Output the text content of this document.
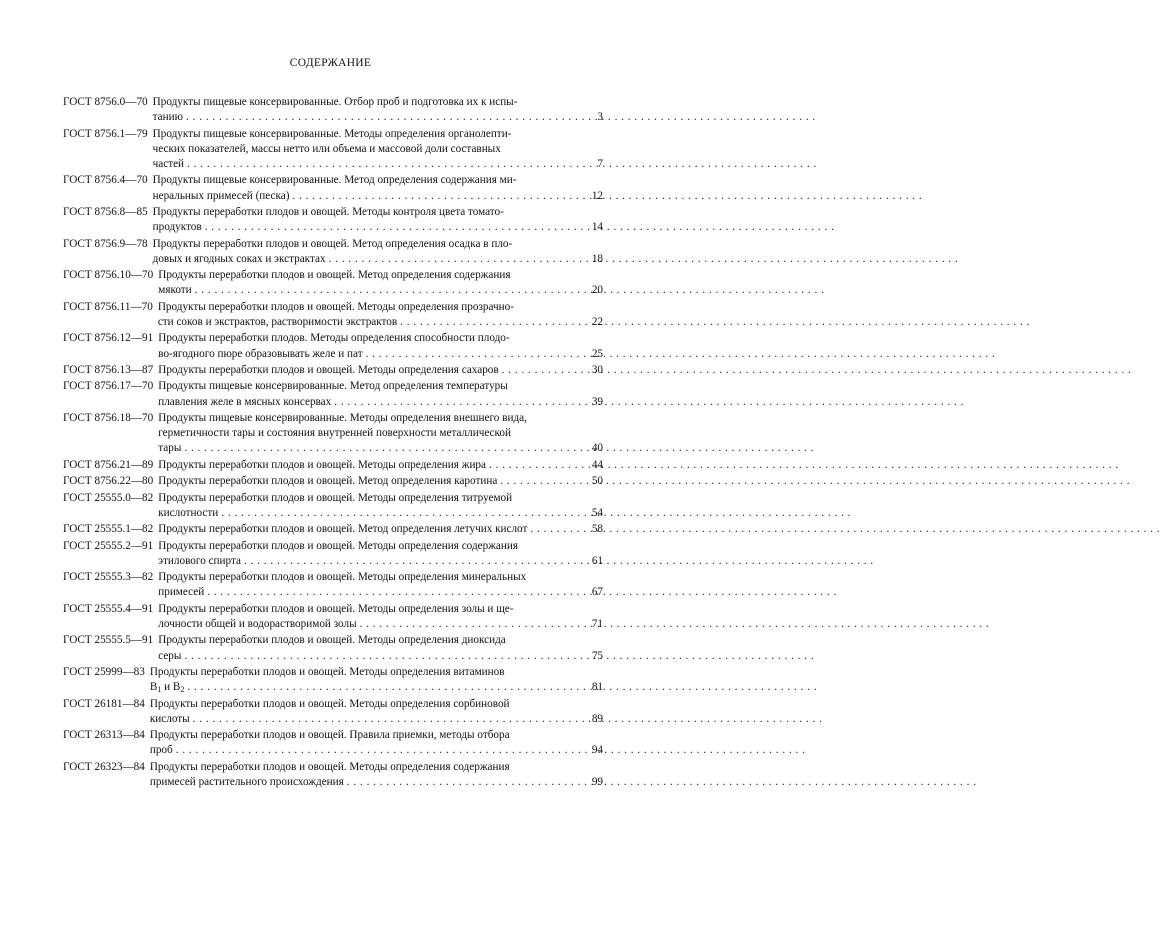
СОДЕРЖАНИЕ
ГОСТ 8756.0—70 Продукты пищевые консервированные. Отбор проб и подготовка их к испы-
танию . . .	3
ГОСТ 8756.1—79 Продукты пищевые консервированные. Методы определения органолепти-
ческих показателей, массы нетто или объема и массовой доли составных
частей . . .	7
ГОСТ 8756.4—70 Продукты пищевые консервированные. Метод определения содержания ми-
неральных примесей (песка) . . .	12
ГОСТ 8756.8—85 Продукты переработки плодов и овощей. Методы контроля цвета томато-
продуктов . . .	14
ГОСТ 8756.9—78 Продукты переработки плодов и овощей. Метод определения осадка в пло-
довых и ягодных соках и экстрактах . . .	18
ГОСТ 8756.10—70 Продукты переработки плодов и овощей. Метод определения содержания
мякоти . . .	20
ГОСТ 8756.11—70 Продукты переработки плодов и овощей. Методы определения прозрачно-
сти соков и экстрактов, растворимости экстрактов . . .	22
ГОСТ 8756.12—91 Продукты переработки плодов. Методы определения способности плодо-
во-ягодного пюре образовывать желе и пат . . .	25
ГОСТ 8756.13—87 Продукты переработки плодов и овощей. Методы определения сахаров . . .	30
ГОСТ 8756.17—70 Продукты пищевые консервированные. Метод определения температуры
плавления желе в мясных консервах . . .	39
ГОСТ 8756.18—70 Продукты пищевые консервированные. Методы определения внешнего вида,
герметичности тары и состояния внутренней поверхности металлической
тары . . .	40
ГОСТ 8756.21—89 Продукты переработки плодов и овощей. Методы определения жира . . .	44
ГОСТ 8756.22—80 Продукты переработки плодов и овощей. Метод определения каротина . . .	50
ГОСТ 25555.0—82 Продукты переработки плодов и овощей. Методы определения титруемой
кислотности . . .	54
ГОСТ 25555.1—82 Продукты переработки плодов и овощей. Метод определения летучих кислот . . .	58
ГОСТ 25555.2—91 Продукты переработки плодов и овощей. Методы определения содержания
этилового спирта . . .	61
ГОСТ 25555.3—82 Продукты переработки плодов и овощей. Методы определения минеральных
примесей . . .	67
ГОСТ 25555.4—91 Продукты переработки плодов и овощей. Методы определения золы и ще-
лочности общей и водорастворимой золы . . .	71
ГОСТ 25555.5—91 Продукты переработки плодов и овощей. Методы определения диоксида
серы . . .	75
ГОСТ 25999—83 Продукты переработки плодов и овощей. Методы определения витаминов
$B_1$ и $B_2$ . . .	81
ГОСТ 26181—84 Продукты переработки плодов и овощей. Методы определения сорбиновой
кислоты . . .	89
ГОСТ 26313—84 Продукты переработки плодов и овощей. Правила приемки, методы отбора
проб . . .	94
ГОСТ 26323—84 Продукты переработки плодов и овощей. Методы определения содержания
примесей растительного происхождения . . .	99
